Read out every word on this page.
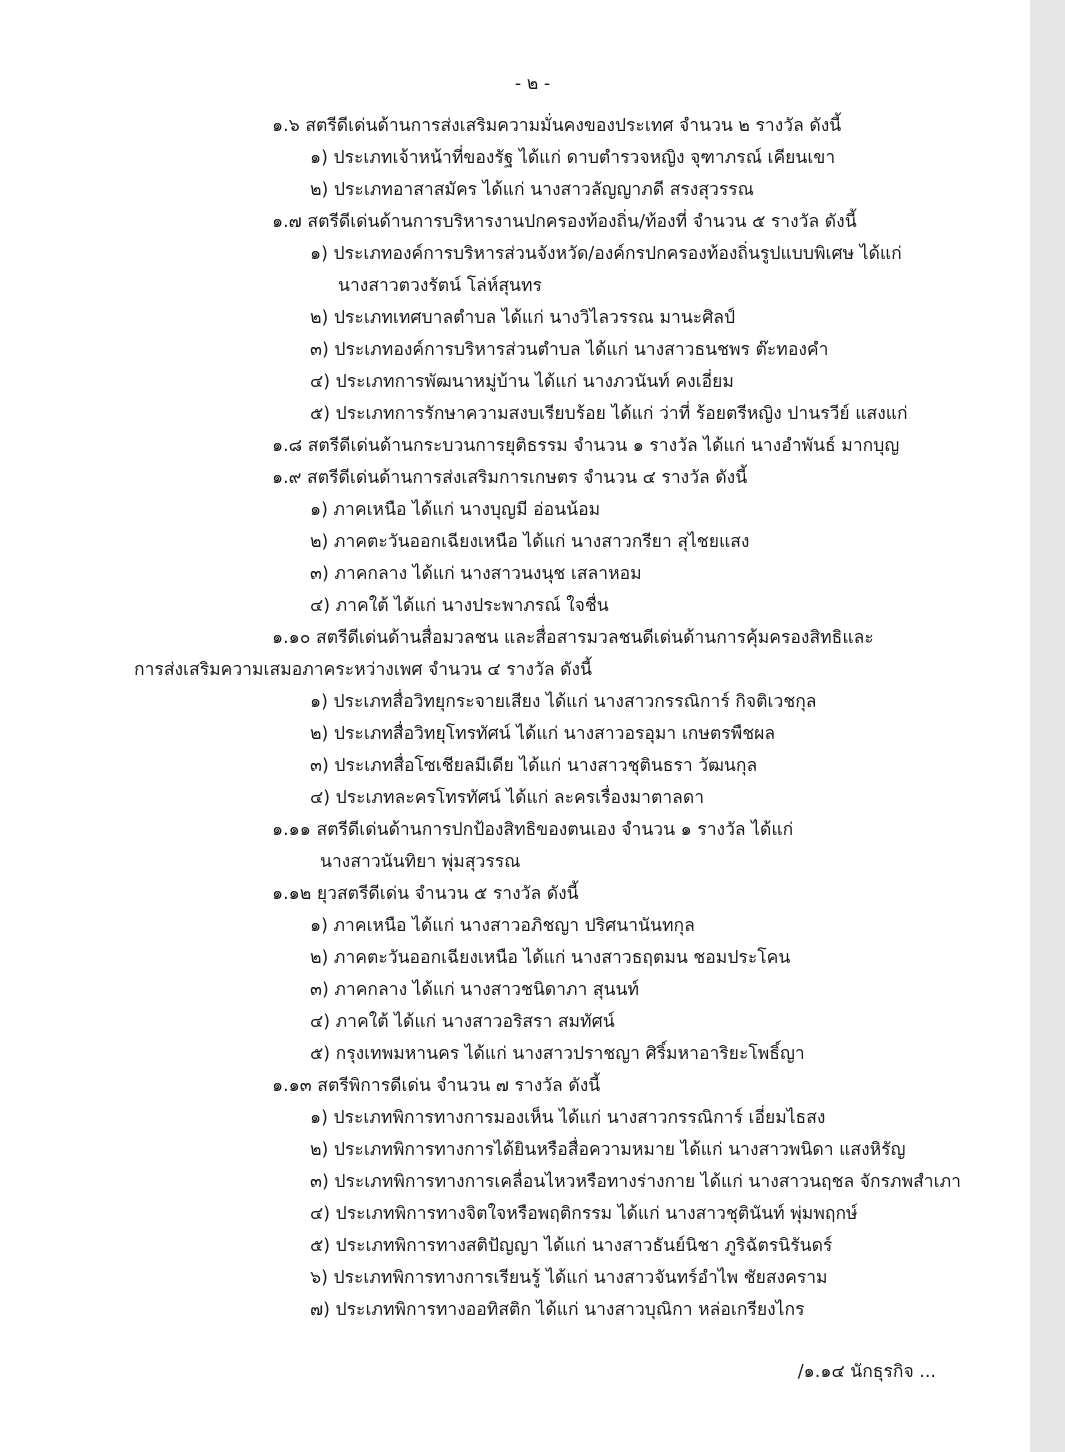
- ๒ -
๑.๖ สตรีดีเด่นด้านการส่งเสริมความมั่นคงของประเทศ จำนวน ๒ รางวัล ดังนี้
๑) ประเภทเจ้าหน้าที่ของรัฐ ได้แก่ ดาบตำรวจหญิง จุฑาภรณ์ เคียนเขา
๒) ประเภทอาสาสมัคร ได้แก่ นางสาวลัญญาภดี สรงสุวรรณ
๑.๗ สตรีดีเด่นด้านการบริหารงานปกครองท้องถิ่น/ท้องที่ จำนวน ๕ รางวัล ดังนี้
๑) ประเภทองค์การบริหารส่วนจังหวัด/องค์กรปกครองท้องถิ่นรูปแบบพิเศษ ได้แก่
นางสาวตวงรัตน์ โล่ห์สุนทร
๒) ประเภทเทศบาลตำบล ได้แก่ นางวิไลวรรณ มานะศิลป์
๓) ประเภทองค์การบริหารส่วนตำบล ได้แก่ นางสาวธนชพร ต๊ะทองคำ
๔) ประเภทการพัฒนาหมู่บ้าน ได้แก่ นางภวนันท์ คงเอี่ยม
๕) ประเภทการรักษาความสงบเรียบร้อย ได้แก่ ว่าที่ ร้อยตรีหญิง ปานรวีย์ แสงแก่
๑.๘ สตรีดีเด่นด้านกระบวนการยุติธรรม จำนวน ๑ รางวัล ได้แก่ นางอำพันธ์ มากบุญ
๑.๙ สตรีดีเด่นด้านการส่งเสริมการเกษตร จำนวน ๔ รางวัล ดังนี้
๑) ภาคเหนือ ได้แก่ นางบุญมี อ่อนน้อม
๒) ภาคตะวันออกเฉียงเหนือ ได้แก่ นางสาวกรียา สุไชยแสง
๓) ภาคกลาง ได้แก่ นางสาวนงนุช เสลาหอม
๔) ภาคใต้ ได้แก่ นางประพาภรณ์ ใจชื่น
๑.๑๐ สตรีดีเด่นด้านสื่อมวลชน และสื่อสารมวลชนดีเด่นด้านการคุ้มครองสิทธิและ
การส่งเสริมความเสมอภาคระหว่างเพศ จำนวน ๔ รางวัล ดังนี้
๑) ประเภทสื่อวิทยุกระจายเสียง ได้แก่ นางสาวกรรณิการ์ กิจติเวชกุล
๒) ประเภทสื่อวิทยุโทรทัศน์ ได้แก่ นางสาวอรอุมา เกษตรพืชผล
๓) ประเภทสื่อโซเชียลมีเดีย ได้แก่ นางสาวชุตินธรา วัฒนกุล
๔) ประเภทละครโทรทัศน์ ได้แก่ ละครเรื่องมาตาลดา
๑.๑๑ สตรีดีเด่นด้านการปกป้องสิทธิของตนเอง จำนวน ๑ รางวัล ได้แก่
นางสาวนันทิยา พุ่มสุวรรณ
๑.๑๒ ยุวสตรีดีเด่น จำนวน ๕ รางวัล ดังนี้
๑) ภาคเหนือ ได้แก่ นางสาวอภิชญา ปริศนานันทกุล
๒) ภาคตะวันออกเฉียงเหนือ ได้แก่ นางสาวธฤตมน ชอมประโคน
๓) ภาคกลาง ได้แก่ นางสาวชนิดาภา สุนนท์
๔) ภาคใต้ ได้แก่ นางสาวอริสรา สมทัศน์
๕) กรุงเทพมหานคร ได้แก่ นางสาวปราชญา ศิริ์มหาอาริยะโพธิ์ญา
๑.๑๓ สตรีพิการดีเด่น จำนวน ๗ รางวัล ดังนี้
๑) ประเภทพิการทางการมองเห็น ได้แก่ นางสาวกรรณิการ์ เอี่ยมไธสง
๒) ประเภทพิการทางการได้ยินหรือสื่อความหมาย ได้แก่ นางสาวพนิดา แสงหิรัญ
๓) ประเภทพิการทางการเคลื่อนไหวหรือทางร่างกาย ได้แก่ นางสาวนฤชล จักรภพสำเภา
๔) ประเภทพิการทางจิตใจหรือพฤติกรรม ได้แก่ นางสาวชุตินันท์ พุ่มพฤกษ์
๕) ประเภทพิการทางสติปัญญา ได้แก่ นางสาวธันย์นิชา ภูริฉัตรนิรันดร์
๖) ประเภทพิการทางการเรียนรู้ ได้แก่ นางสาวจันทร์อำไพ ชัยสงคราม
๗) ประเภทพิการทางออทิสติก ได้แก่ นางสาวบุณิกา หล่อเกรียงไกร
/๑.๑๔ นักธุรกิจ ...
